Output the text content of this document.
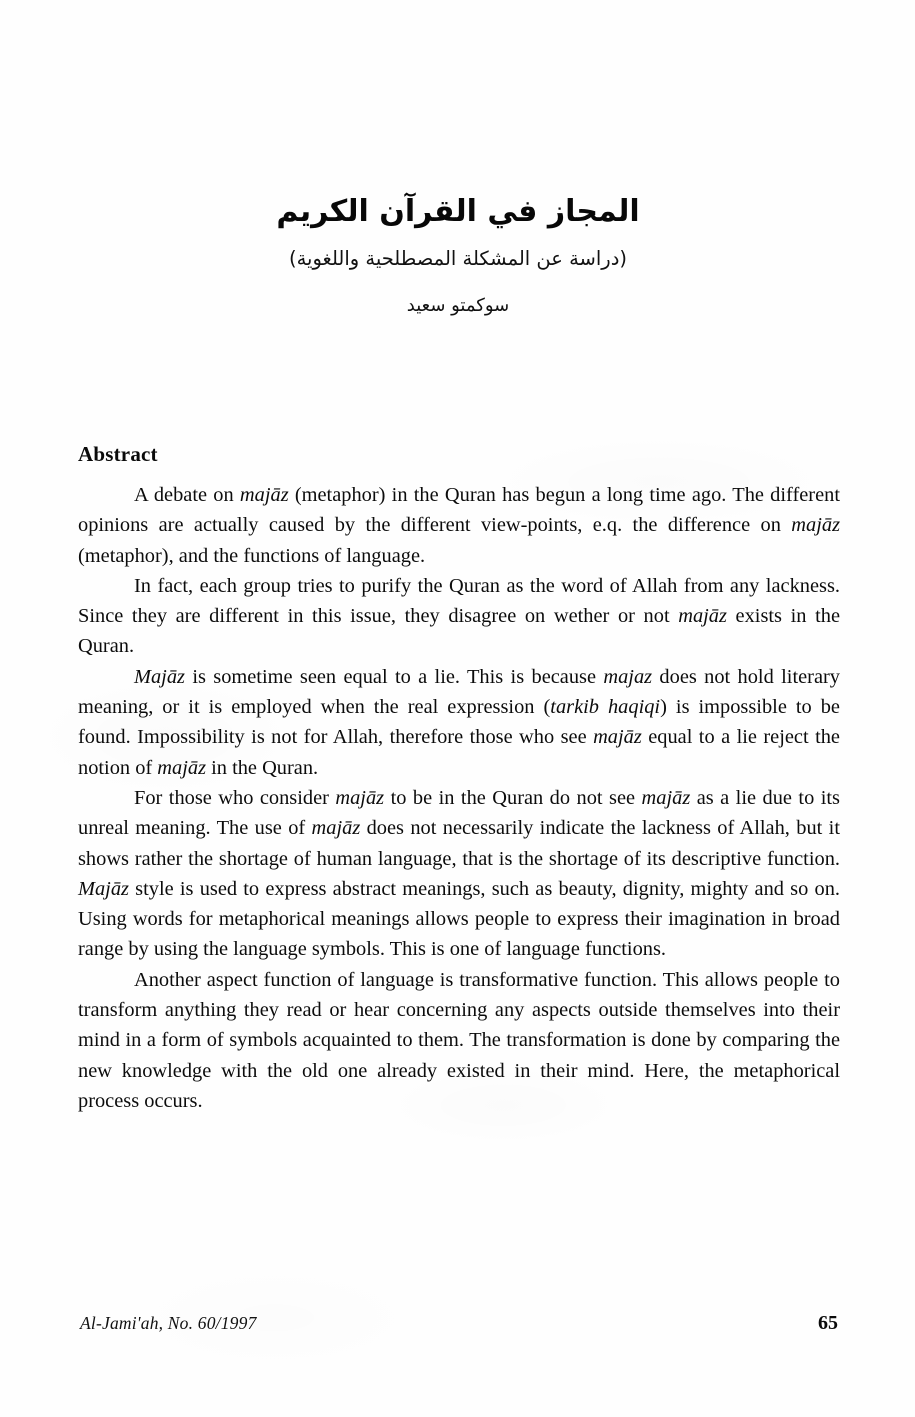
المجاز في القرآن الكريم
(دراسة عن المشكلة المصطلحية واللغوية)
سوكمتو سعيد
Abstract

A debate on majāz (metaphor) in the Quran has begun a long time ago. The different opinions are actually caused by the different view-points, e.q. the difference on majāz (metaphor), and the functions of language.

In fact, each group tries to purify the Quran as the word of Allah from any lackness. Since they are different in this issue, they disagree on wether or not majāz exists in the Quran.

Majāz is sometime seen equal to a lie. This is because majaz does not hold literary meaning, or it is employed when the real expression (tarkib haqiqi) is impossible to be found. Impossibility is not for Allah, therefore those who see majāz equal to a lie reject the notion of majāz in the Quran.

For those who consider majāz to be in the Quran do not see majāz as a lie due to its unreal meaning. The use of majāz does not necessarily indicate the lackness of Allah, but it shows rather the shortage of human language, that is the shortage of its descriptive function. Majāz style is used to express abstract meanings, such as beauty, dignity, mighty and so on. Using words for metaphorical meanings allows people to express their imagination in broad range by using the language symbols. This is one of language functions.

Another aspect function of language is transformative function. This allows people to transform anything they read or hear concerning any aspects outside themselves into their mind in a form of symbols acquainted to them. The transformation is done by comparing the new knowledge with the old one already existed in their mind. Here, the metaphorical process occurs.

Al-Jami'ah, No. 60/1997	65
